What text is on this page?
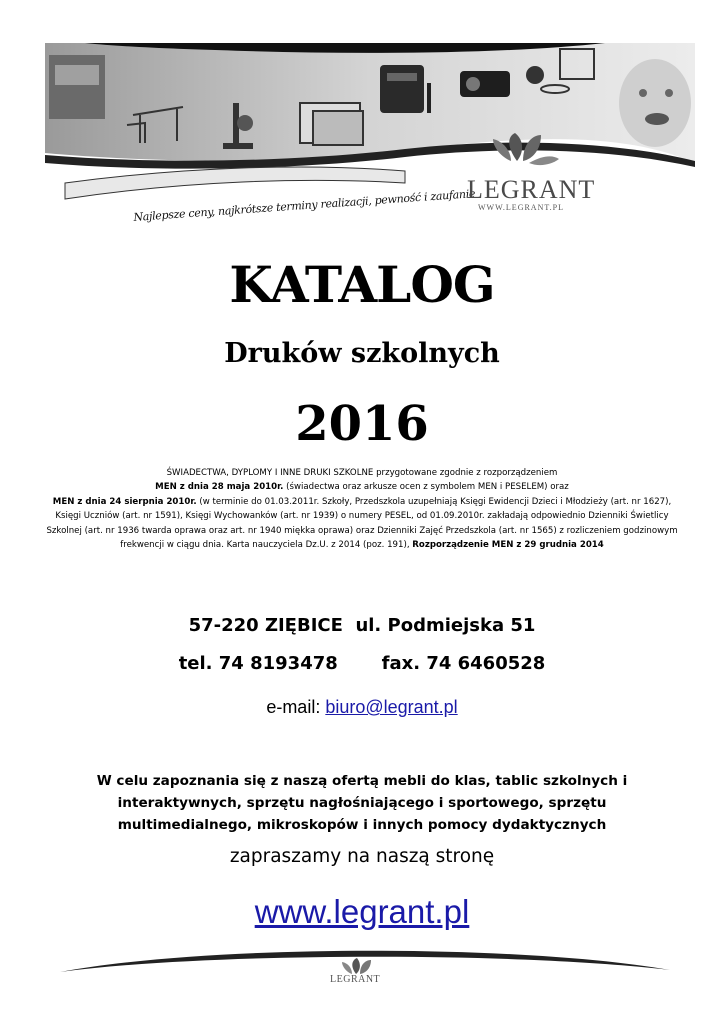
Najlepsze ceny, najkrótsze terminy realizacji, pewność i zaufanie
LEGRANT
WWW.LEGRANT.PL
KATALOG
Druków szkolnych
2016
ŚWIADECTWA, DYPLOMY I INNE DRUKI SZKOLNE przygotowane zgodnie z rozporządzeniem
MEN z dnia 28 maja 2010r. (świadectwa oraz arkusze ocen z symbolem MEN i PESELEM) oraz
MEN z dnia 24 sierpnia 2010r. (w terminie do 01.03.2011r. Szkoły, Przedszkola uzupełniają Księgi Ewidencji Dzieci i Młodzieży (art. nr 1627),
Księgi Uczniów (art. nr 1591), Księgi Wychowanków (art. nr 1939) o numery PESEL, od 01.09.2010r. zakładają odpowiednio Dzienniki Świetlicy
Szkolnej (art. nr 1936 twarda oprawa oraz art. nr 1940 miękka oprawa) oraz Dzienniki Zajęć Przedszkola (art. nr 1565) z rozliczeniem godzinowym
frekwencji w ciągu dnia. Karta nauczyciela Dz.U. z 2014 (poz. 191), Rozporządzenie MEN z 29 grudnia 2014
57-220 ZIĘBICE  ul. Podmiejska 51
tel. 74 8193478       fax. 74 6460528
e-mail: biuro@legrant.pl
W celu zapoznania się z naszą ofertą mebli do klas, tablic szkolnych i
interaktywnych, sprzętu nagłośniającego i sportowego, sprzętu
multimedialnego, mikroskopów i innych pomocy dydaktycznych
zapraszamy na naszą stronę
www.legrant.pl
LEGRANT
